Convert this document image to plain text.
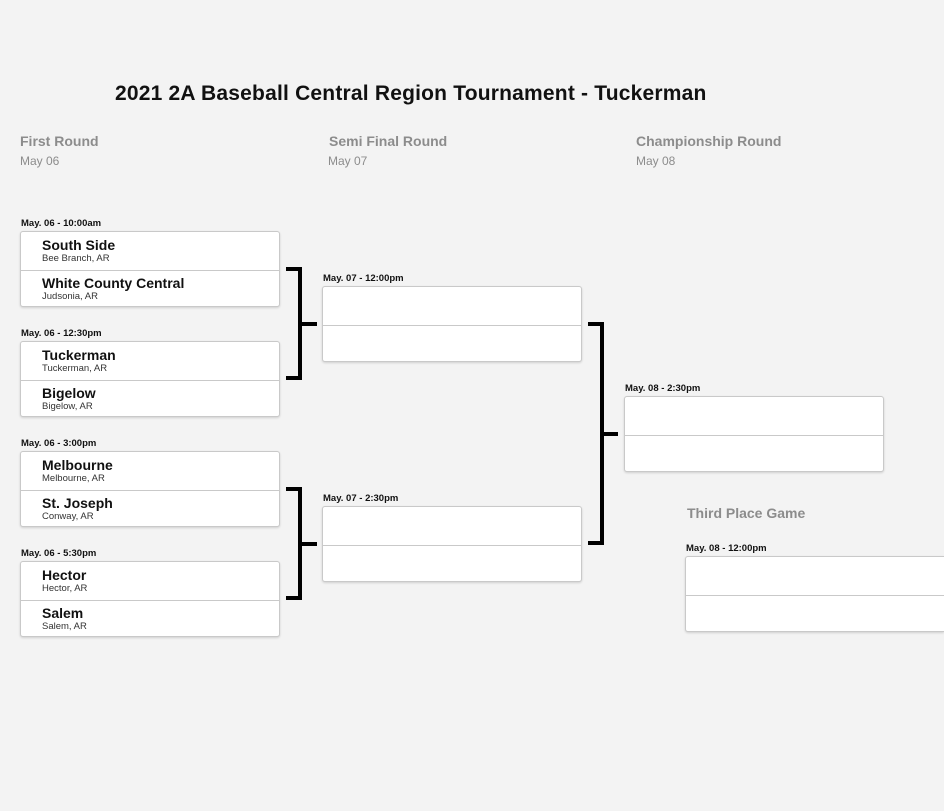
2021 2A Baseball Central Region Tournament - Tuckerman
First Round
May 06
Semi Final Round
May 07
Championship Round
May 08
May. 06 - 10:00am
South Side
Bee Branch, AR
White County Central
Judsonia, AR
May. 06 - 12:30pm
Tuckerman
Tuckerman, AR
Bigelow
Bigelow, AR
May. 06 - 3:00pm
Melbourne
Melbourne, AR
St. Joseph
Conway, AR
May. 06 - 5:30pm
Hector
Hector, AR
Salem
Salem, AR
May. 07 - 12:00pm
May. 07 - 2:30pm
May. 08 - 2:30pm
Third Place Game
May. 08 - 12:00pm
